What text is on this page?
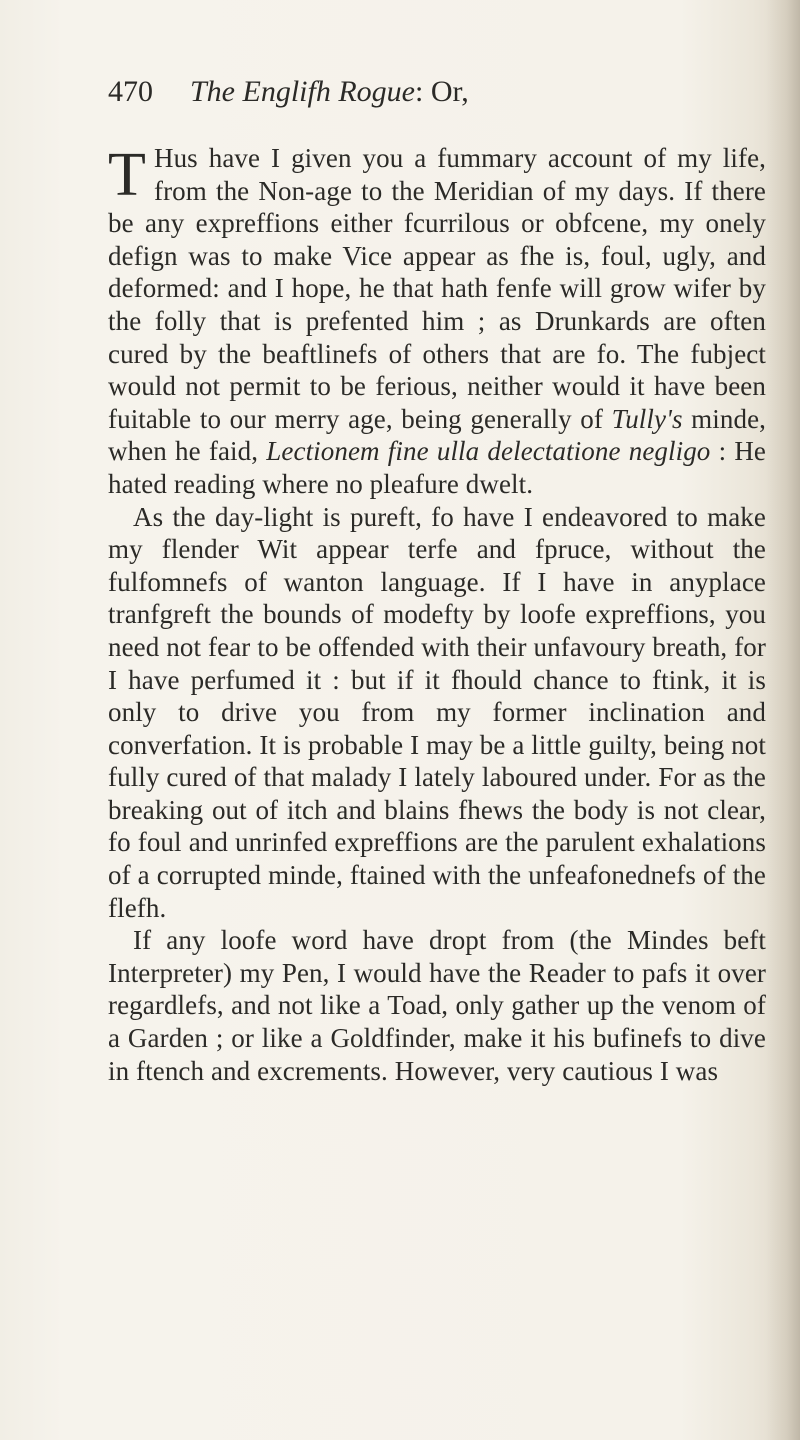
470 The Englifh Rogue: Or,

T Hus have I given you a fummary account of my life, from the Non-age to the Meridian of my days. If there be any expreffions either fcurrilous or obfcene, my onely defign was to make Vice appear as fhe is, foul, ugly, and deformed: and I hope, he that hath fenfe will grow wifer by the folly that is prefented him ; as Drunkards are often cured by the beaftlinefs of others that are fo. The fubject would not permit to be ferious, neither would it have been fuitable to our merry age, being generally of Tully's minde, when he faid, Lectionem fine ulla delectatione negligo : He hated reading where no pleafure dwelt.

As the day-light is pureft, fo have I endeavored to make my flender Wit appear terfe and fpruce, without the fulfomnefs of wanton language. If I have in anyplace tranfgreft the bounds of modefty by loofe expreffions, you need not fear to be offended with their unfavoury breath, for I have perfumed it : but if it fhould chance to ftink, it is only to drive you from my former inclination and converfation. It is probable I may be a little guilty, being not fully cured of that malady I lately laboured under. For as the breaking out of itch and blains fhews the body is not clear, fo foul and unrinfed expreffions are the parulent exhalations of a corrupted minde, ftained with the unfeafonednefs of the flefh.

If any loofe word have dropt from (the Mindes beft Interpreter) my Pen, I would have the Reader to pafs it over regardlefs, and not like a Toad, only gather up the venom of a Garden ; or like a Goldfinder, make it his bufinefs to dive in ftench and excrements. However, very cautious I was
